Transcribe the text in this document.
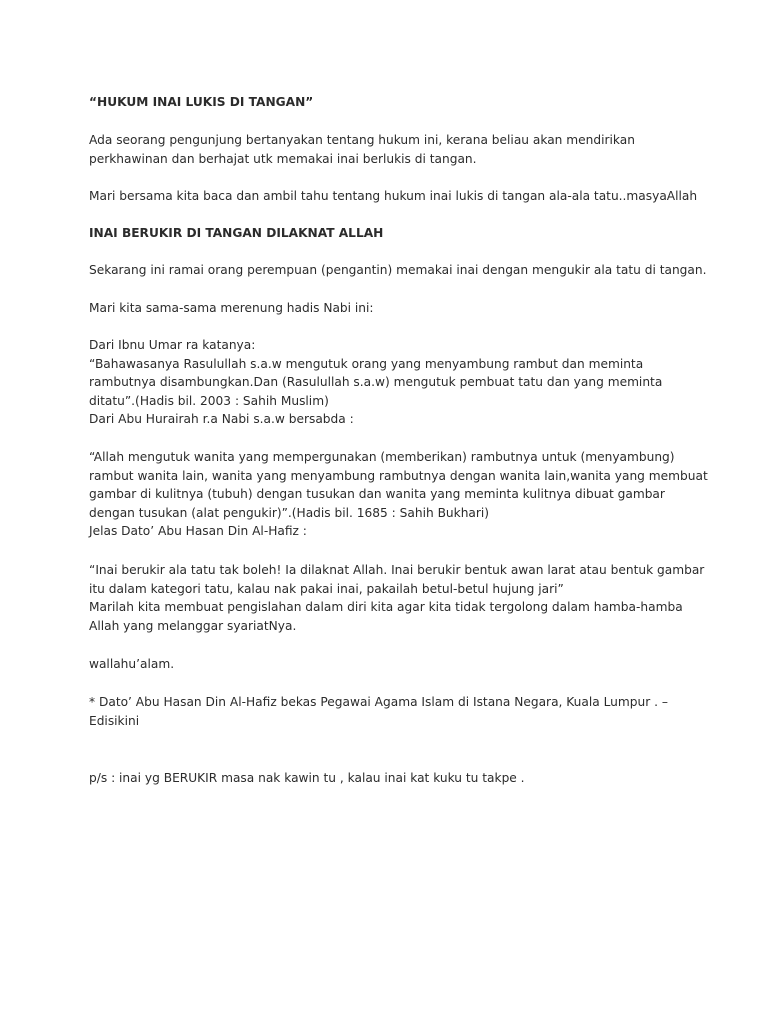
“HUKUM INAI LUKIS DI TANGAN”
Ada seorang pengunjung bertanyakan tentang hukum ini, kerana beliau akan mendirikan
perkhawinan dan berhajat utk memakai inai berlukis di tangan.
Mari bersama kita baca dan ambil tahu tentang hukum inai lukis di tangan ala-ala tatu..masyaAllah
INAI BERUKIR DI TANGAN DILAKNAT ALLAH
Sekarang ini ramai orang perempuan (pengantin) memakai inai dengan mengukir ala tatu di tangan.
Mari kita sama-sama merenung hadis Nabi ini:
Dari Ibnu Umar ra katanya:
“Bahawasanya Rasulullah s.a.w mengutuk orang yang menyambung rambut dan meminta
rambutnya disambungkan.Dan (Rasulullah s.a.w) mengutuk pembuat tatu dan yang meminta
ditatu”.(Hadis bil. 2003 : Sahih Muslim)
Dari Abu Hurairah r.a Nabi s.a.w bersabda :
“Allah mengutuk wanita yang mempergunakan (memberikan) rambutnya untuk (menyambung)
rambut wanita lain, wanita yang menyambung rambutnya dengan wanita lain,wanita yang membuat
gambar di kulitnya (tubuh) dengan tusukan dan wanita yang meminta kulitnya dibuat gambar
dengan tusukan (alat pengukir)”.(Hadis bil. 1685 : Sahih Bukhari)
Jelas Dato’ Abu Hasan Din Al-Hafiz :
“Inai berukir ala tatu tak boleh! Ia dilaknat Allah. Inai berukir bentuk awan larat atau bentuk gambar
itu dalam kategori tatu, kalau nak pakai inai, pakailah betul-betul hujung jari”
Marilah kita membuat pengislahan dalam diri kita agar kita tidak tergolong dalam hamba-hamba
Allah yang melanggar syariatNya.
wallahu’alam.
* Dato’ Abu Hasan Din Al-Hafiz bekas Pegawai Agama Islam di Istana Negara, Kuala Lumpur . –
Edisikini
p/s : inai yg BERUKIR masa nak kawin tu , kalau inai kat kuku tu takpe .
